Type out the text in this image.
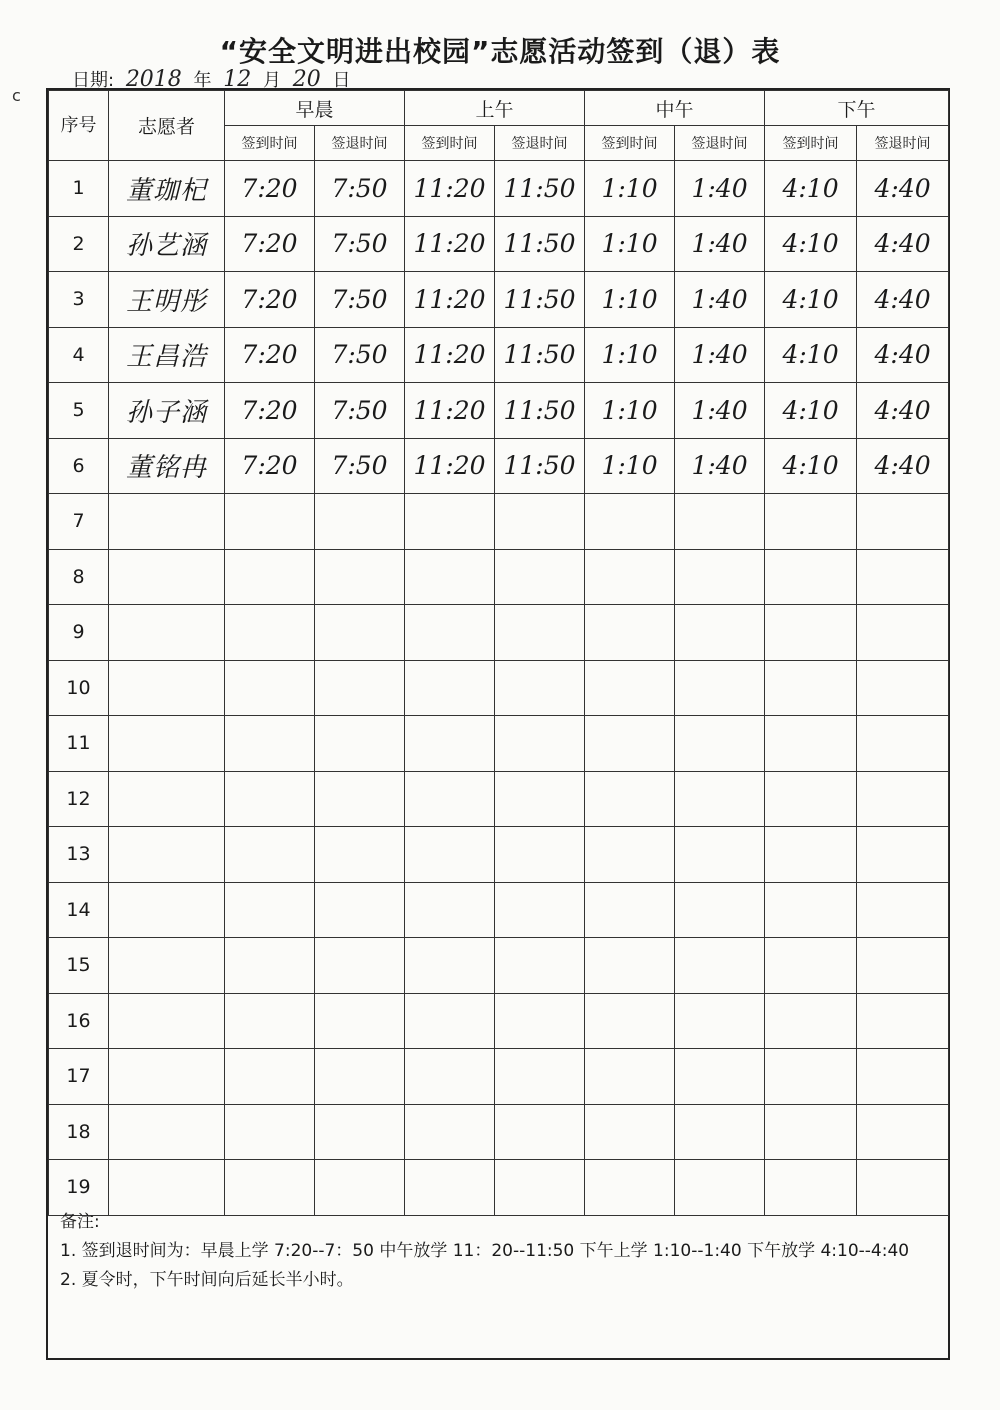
“安全文明进出校园”志愿活动签到（退）表
c
日期: 2018 年 12 月 20 日
序号	志愿者	早晨		上午		中午		下午	
		签到时间	签退时间	签到时间	签退时间	签到时间	签退时间	签到时间	签退时间
1	董珈杞	7:20	7:50	11:20	11:50	1:10	1:40	4:10	4:40
2	孙艺涵	7:20	7:50	11:20	11:50	1:10	1:40	4:10	4:40
3	王明彤	7:20	7:50	11:20	11:50	1:10	1:40	4:10	4:40
4	王昌浩	7:20	7:50	11:20	11:50	1:10	1:40	4:10	4:40
5	孙子涵	7:20	7:50	11:20	11:50	1:10	1:40	4:10	4:40
6	董铭冉	7:20	7:50	11:20	11:50	1:10	1:40	4:10	4:40
7									
8									
9									
10									
11									
12									
13									
14									
15									
16									
17									
18									
19									
备注:
1. 签到退时间为：早晨上学 7:20--7：50 中午放学 11：20--11:50 下午上学 1:10--1:40 下午放学 4:10--4:40
2. 夏令时，下午时间向后延长半小时。
